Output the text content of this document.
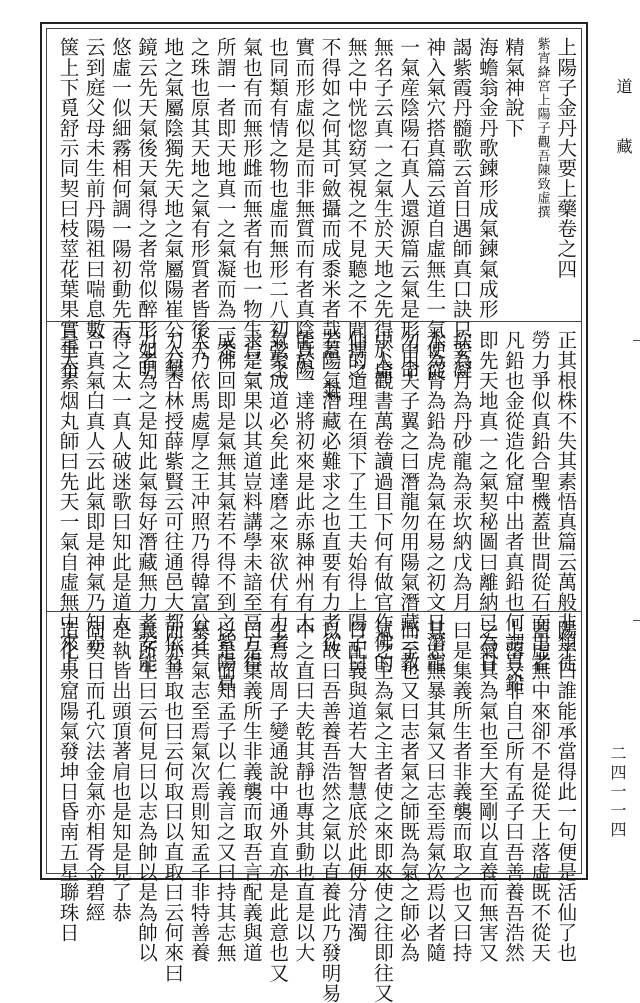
上陽子金丹大要上藥卷之四
紫宵絳宮上陽子觀吾陳致虛撰
精氣神說下
海蟾翁金丹歌鍊形成氣鍊氣成形
謁紫霞丹髓歌云首日遇師真口訣只要凝
神入氣穴搭真篇云道自虛無生一氣便從
一氣産陰陽石真人還源篇云氣是形中命
無名子云真一之氣生於天地之先得於虛
無之中恍惚窈冥視之不見聽之不聞搏之
不得如之何其可斂攝而成黍米者哉蓋一氣
實而形虛似是而非無質而有者真陰真陽
也同類有情之物也虛而無形二八初弦之
氣也有而無形雌而無者有也一物生焉二
所謂一者即天地真一之氣凝而為一黍
之珠也原其天地之氣有形質者皆後天
地之氣屬陰獨先天地之氣屬陽崔公入藥
鏡云先天氣後天氣得之者常似醉形如明
悠虛一似細霧相何調一陽初動先天
云到庭父母未生前丹陽祖曰喘息數
箧上下覓舒示同契曰枝莖花葉果實垂布
正其根株不失其素悟真篇云萬般非類徒
勞力爭似真鉛合聖機蓋世間從石而出者
凡鉛也金從造化窟中出者真鉛也何謂真鉛
即先天地真一之氣契秘圖曰離納已為日
坎為月為丹砂龍為汞坎納戊為月
水為腎為鉛為虎為氣在易之初文日潛龍
勿用夫子翼之曰潛龍勿用陽氣潛藏三教
中人觀書萬卷讀過目下何有做官作佛的
仙的道理在須下了生工夫始得上陽子曰
若陽氣潛藏必難求之也直要有力者從
能於一達將初來是此赤縣神州有大
氣聚成道必矣此達磨之來欲伏有力者
求是氣果以其道豈料講學未諳至鬲方得
成佛回即是氣無其氣若不得不到之紫陽真
人乃依馬處厚之王冲照乃得韓富公之
刀石杏林授薛紫賢云可往通邑大都依有
力者為之是知此氣每好潛藏無力者安能
得之太一真人破迷歌曰知此是道太
合真氣白真人云此氣即是神氣乃知赤
是太素烟丸師曰先天一氣自虛無中來上
陽子曰誰能承當得此一句便是活仙了也
蓋虛無中來卻不是從天上落虛既不從天
上落又非自己所有孟子曰吾善養吾浩然
之氣其為氣也至大至剛以直養而無害又
曰是集義所生者非義襲而取之也又曰持
其志無暴其氣又曰志至焉氣次焉以者隨
而至也又曰志者氣之師既為氣之師必為
氣之主為氣之主者使之來即來使之往即往又
日配義與道若大智慧底於此便分清濁
以故曰吾善養吾浩然之氣以直養此乃發明易
中之直曰夫乾其靜也專其動也直是以大
生焉故周子變通說中通外直亦是此意也又
曰是集義所生非義襲而取吾言配義與道
以是而知孟子以仁義言之又曰持其志無
暴其氣志至焉氣次焉則知孟子非特善養
而亦善取也曰云何取曰以直取曰云何來曰
義所生曰云何見曰以志為帥以是為帥以
是執皆出頭頂著肩也是知是見了恭
同契日而孔穴法金氣亦相胥金碧經
造化泉窟陽氣發坤日昏南五星聯珠日
道　藏
二四一一四
